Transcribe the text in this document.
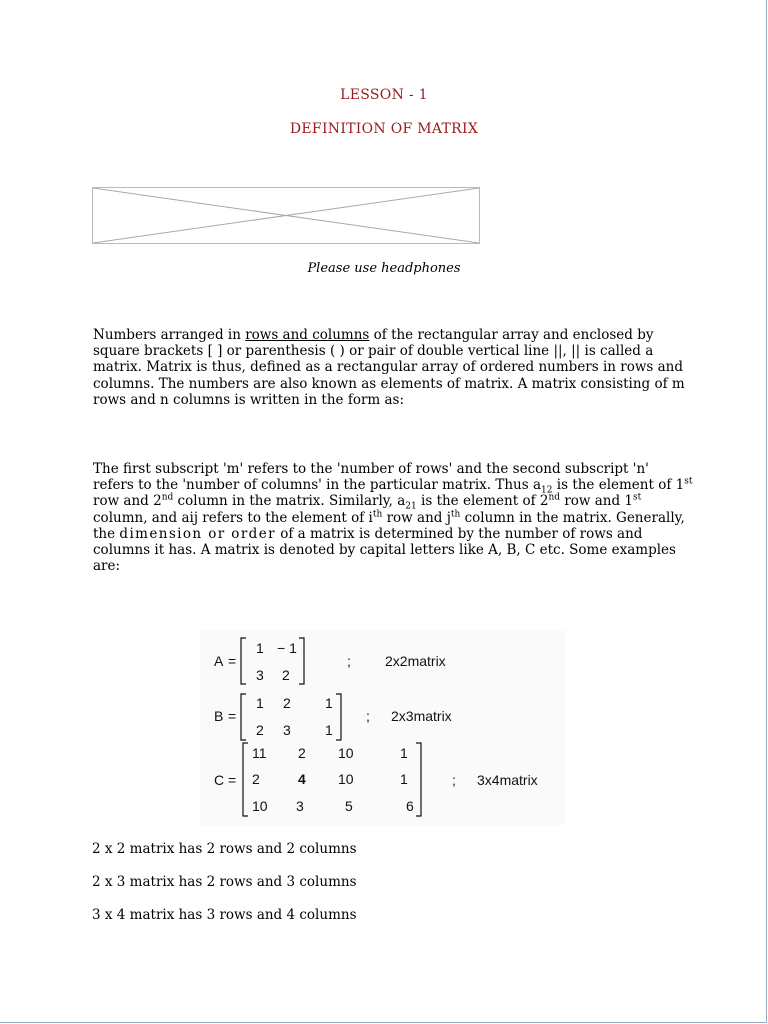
LESSON - 1
DEFINITION OF MATRIX
Please use headphones
Numbers arranged in rows and columns of the rectangular array and enclosed by square brackets [ ] or parenthesis ( ) or pair of double vertical line ||, || is called a matrix. Matrix is thus, defined as a rectangular array of ordered numbers in rows and columns. The numbers are also known as elements of matrix. A matrix consisting of m rows and n columns is written in the form as:
The first subscript 'm' refers to the 'number of rows' and the second subscript 'n' refers to the 'number of columns' in the particular matrix. Thus $a_{12}$ is the element of 1st row and 2nd column in the matrix. Similarly, $a_{21}$ is the element of 2nd row and 1st column, and aij refers to the element of $i^{th}$ row and $j^{th}$ column in the matrix. Generally, the dimension or order of a matrix is determined by the number of rows and columns it has. A matrix is denoted by capital letters like A, B, C etc. Some examples are:
A =
1 − 1
3 2
; 2x2matrix
B =
1 2 1
2 3 1
; 2x3matrix
C =
11 2 10	1
2	4 10	1
10 3	5	6
; 3x4matrix
2 x 2 matrix has 2 rows and 2 columns
2 x 3 matrix has 2 rows and 3 columns
3 x 4 matrix has 3 rows and 4 columns
